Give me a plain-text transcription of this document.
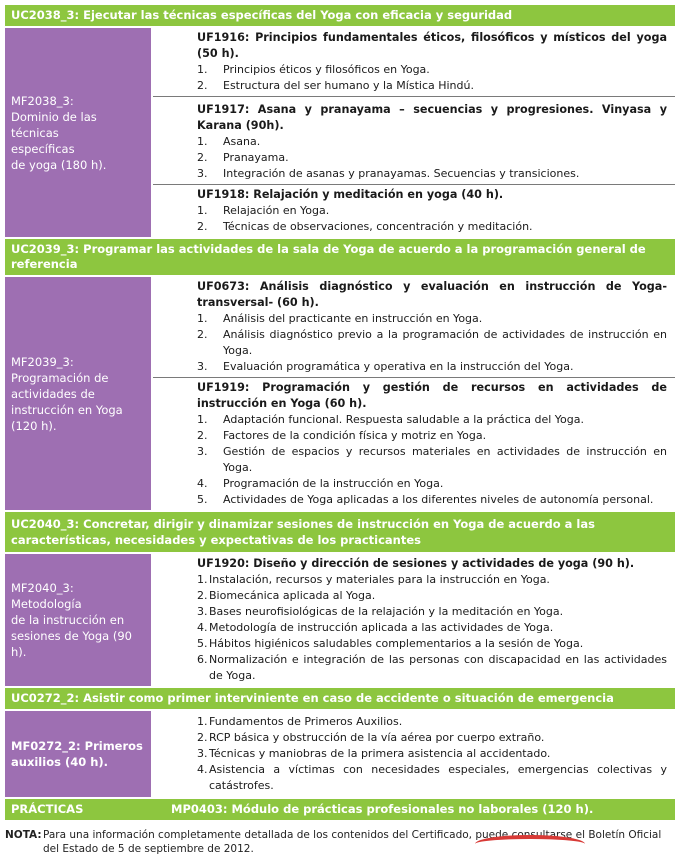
UC2038_3: Ejecutar las técnicas específicas del Yoga con eficacia y seguridad
MF2038_3:
Dominio de las técnicas
específicas
de yoga (180 h).
UF1916: Principios fundamentales éticos, filosóficos y místicos del yoga (50 h).
1.	Principios éticos y filosóficos en Yoga.
2.	Estructura del ser humano y la Mística Hindú.
UF1917: Asana y pranayama – secuencias y progresiones. Vinyasa y Karana (90h).
1.	Asana.
2.	Pranayama.
3.	Integración de asanas y pranayamas. Secuencias y transiciones.
UF1918: Relajación y meditación en yoga (40 h).
1.	Relajación en Yoga.
2.	Técnicas de observaciones, concentración y meditación.
UC2039_3: Programar las actividades de la sala de Yoga de acuerdo a la programación general de referencia
MF2039_3:
Programación de
actividades de
instrucción en Yoga
(120 h).
UF0673: Análisis diagnóstico y evaluación en instrucción de Yoga-transversal- (60 h).
1.	Análisis del practicante en instrucción en Yoga.
2.	Análisis diagnóstico previo a la programación de actividades de instrucción en Yoga.
3.	Evaluación programática y operativa en la instrucción del Yoga.
UF1919: Programación y gestión de recursos en actividades de instrucción en Yoga (60 h).
1.	Adaptación funcional. Respuesta saludable a la práctica del Yoga.
2.	Factores de la condición física y motriz en Yoga.
3.	Gestión de espacios y recursos materiales en actividades de instrucción en Yoga.
4.	Programación de la instrucción en Yoga.
5.	Actividades de Yoga aplicadas a los diferentes niveles de autonomía personal.
UC2040_3: Concretar, dirigir y dinamizar sesiones de instrucción en Yoga de acuerdo a las características, necesidades y expectativas de los practicantes
MF2040_3: Metodología
de la instrucción en
sesiones de Yoga (90 h).
UF1920: Diseño y dirección de sesiones y actividades de yoga (90 h).
1. Instalación, recursos y materiales para la instrucción en Yoga.
2. Biomecánica aplicada al Yoga.
3. Bases neurofisiológicas de la relajación y la meditación en Yoga.
4. Metodología de instrucción aplicada a las actividades de Yoga.
5. Hábitos higiénicos saludables complementarios a la sesión de Yoga.
6. Normalización e integración de las personas con discapacidad en las actividades de Yoga.
UC0272_2: Asistir como primer interviniente en caso de accidente o situación de emergencia
MF0272_2: Primeros
auxilios (40 h).
1. Fundamentos de Primeros Auxilios.
2. RCP básica y obstrucción de la vía aérea por cuerpo extraño.
3. Técnicas y maniobras de la primera asistencia al accidentado.
4. Asistencia a víctimas con necesidades especiales, emergencias colectivas y catástrofes.
PRÁCTICAS	MP0403: Módulo de prácticas profesionales no laborales (120 h).
NOTA: Para una información completamente detallada de los contenidos del Certificado, puede consultarse el Boletín Oficial del Estado de 5 de septiembre de 2012.
